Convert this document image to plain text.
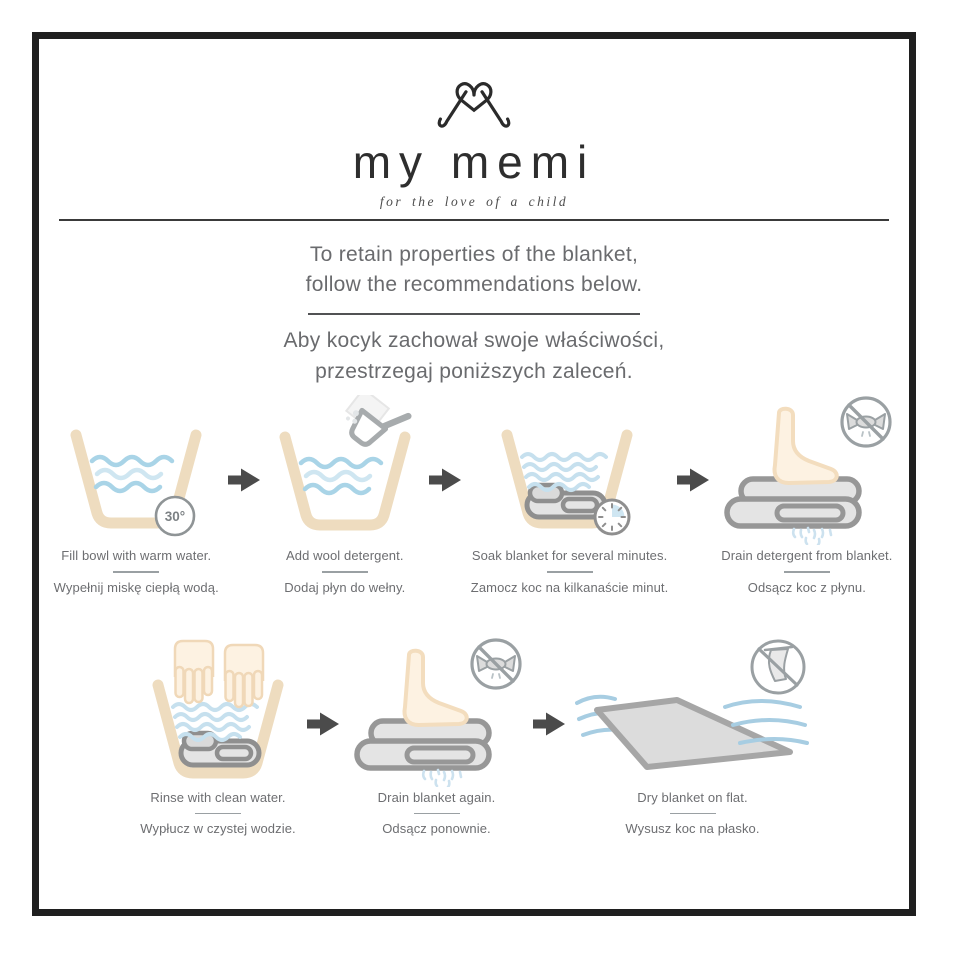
my memi
for the love of a child
To retain properties of the blanket,
follow the recommendations below.
Aby kocyk zachował swoje właściwości,
przestrzegaj poniższych zaleceń.
30°
Fill bowl with warm water.
Wypełnij miskę ciepłą wodą.
Add wool detergent.
Dodaj płyn do wełny.
Soak blanket for several minutes.
Zamocz koc na kilkanaście minut.
Drain detergent from blanket.
Odsącz koc z płynu.
Rinse with clean water.
Wypłucz w czystej wodzie.
Drain blanket again.
Odsącz ponownie.
Dry blanket on flat.
Wysusz koc na płasko.
